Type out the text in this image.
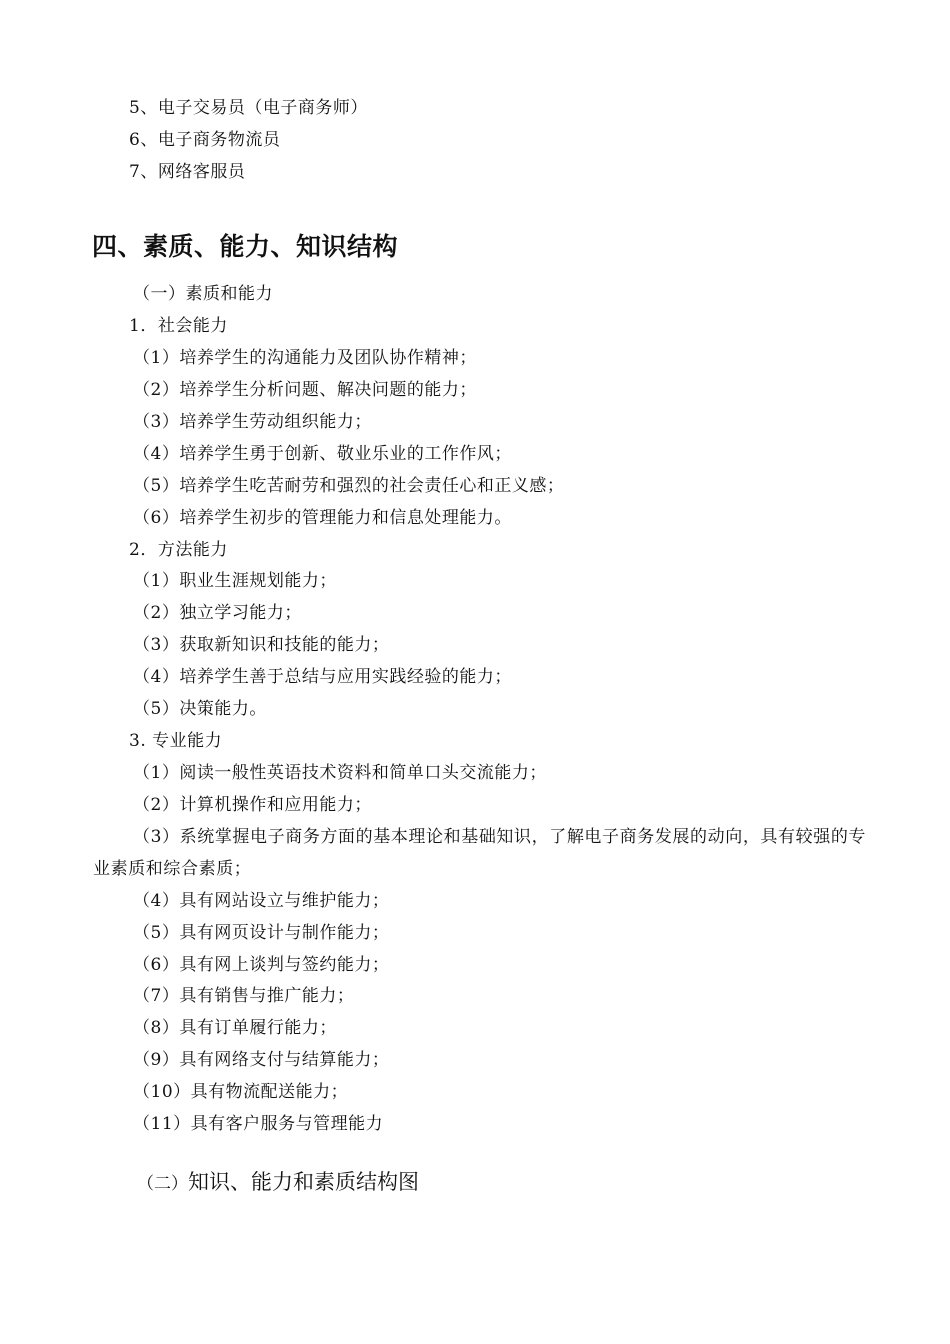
5、电子交易员（电子商务师）
6、电子商务物流员
7、网络客服员
四、素质、能力、知识结构
（一）素质和能力
1．社会能力
（1）培养学生的沟通能力及团队协作精神；
（2）培养学生分析问题、解决问题的能力；
（3）培养学生劳动组织能力；
（4）培养学生勇于创新、敬业乐业的工作作风；
（5）培养学生吃苦耐劳和强烈的社会责任心和正义感；
（6）培养学生初步的管理能力和信息处理能力。
2．方法能力
（1）职业生涯规划能力；
（2）独立学习能力；
（3）获取新知识和技能的能力；
（4）培养学生善于总结与应用实践经验的能力；
（5）决策能力。
3. 专业能力
（1）阅读一般性英语技术资料和简单口头交流能力；
（2）计算机操作和应用能力；
（3）系统掌握电子商务方面的基本理论和基础知识，了解电子商务发展的动向，具有较强的专业素质和综合素质；
（4）具有网站设立与维护能力；
（5）具有网页设计与制作能力；
（6）具有网上谈判与签约能力；
（7）具有销售与推广能力；
（8）具有订单履行能力；
（9）具有网络支付与结算能力；
（10）具有物流配送能力；
（11）具有客户服务与管理能力
（二）知识、能力和素质结构图
